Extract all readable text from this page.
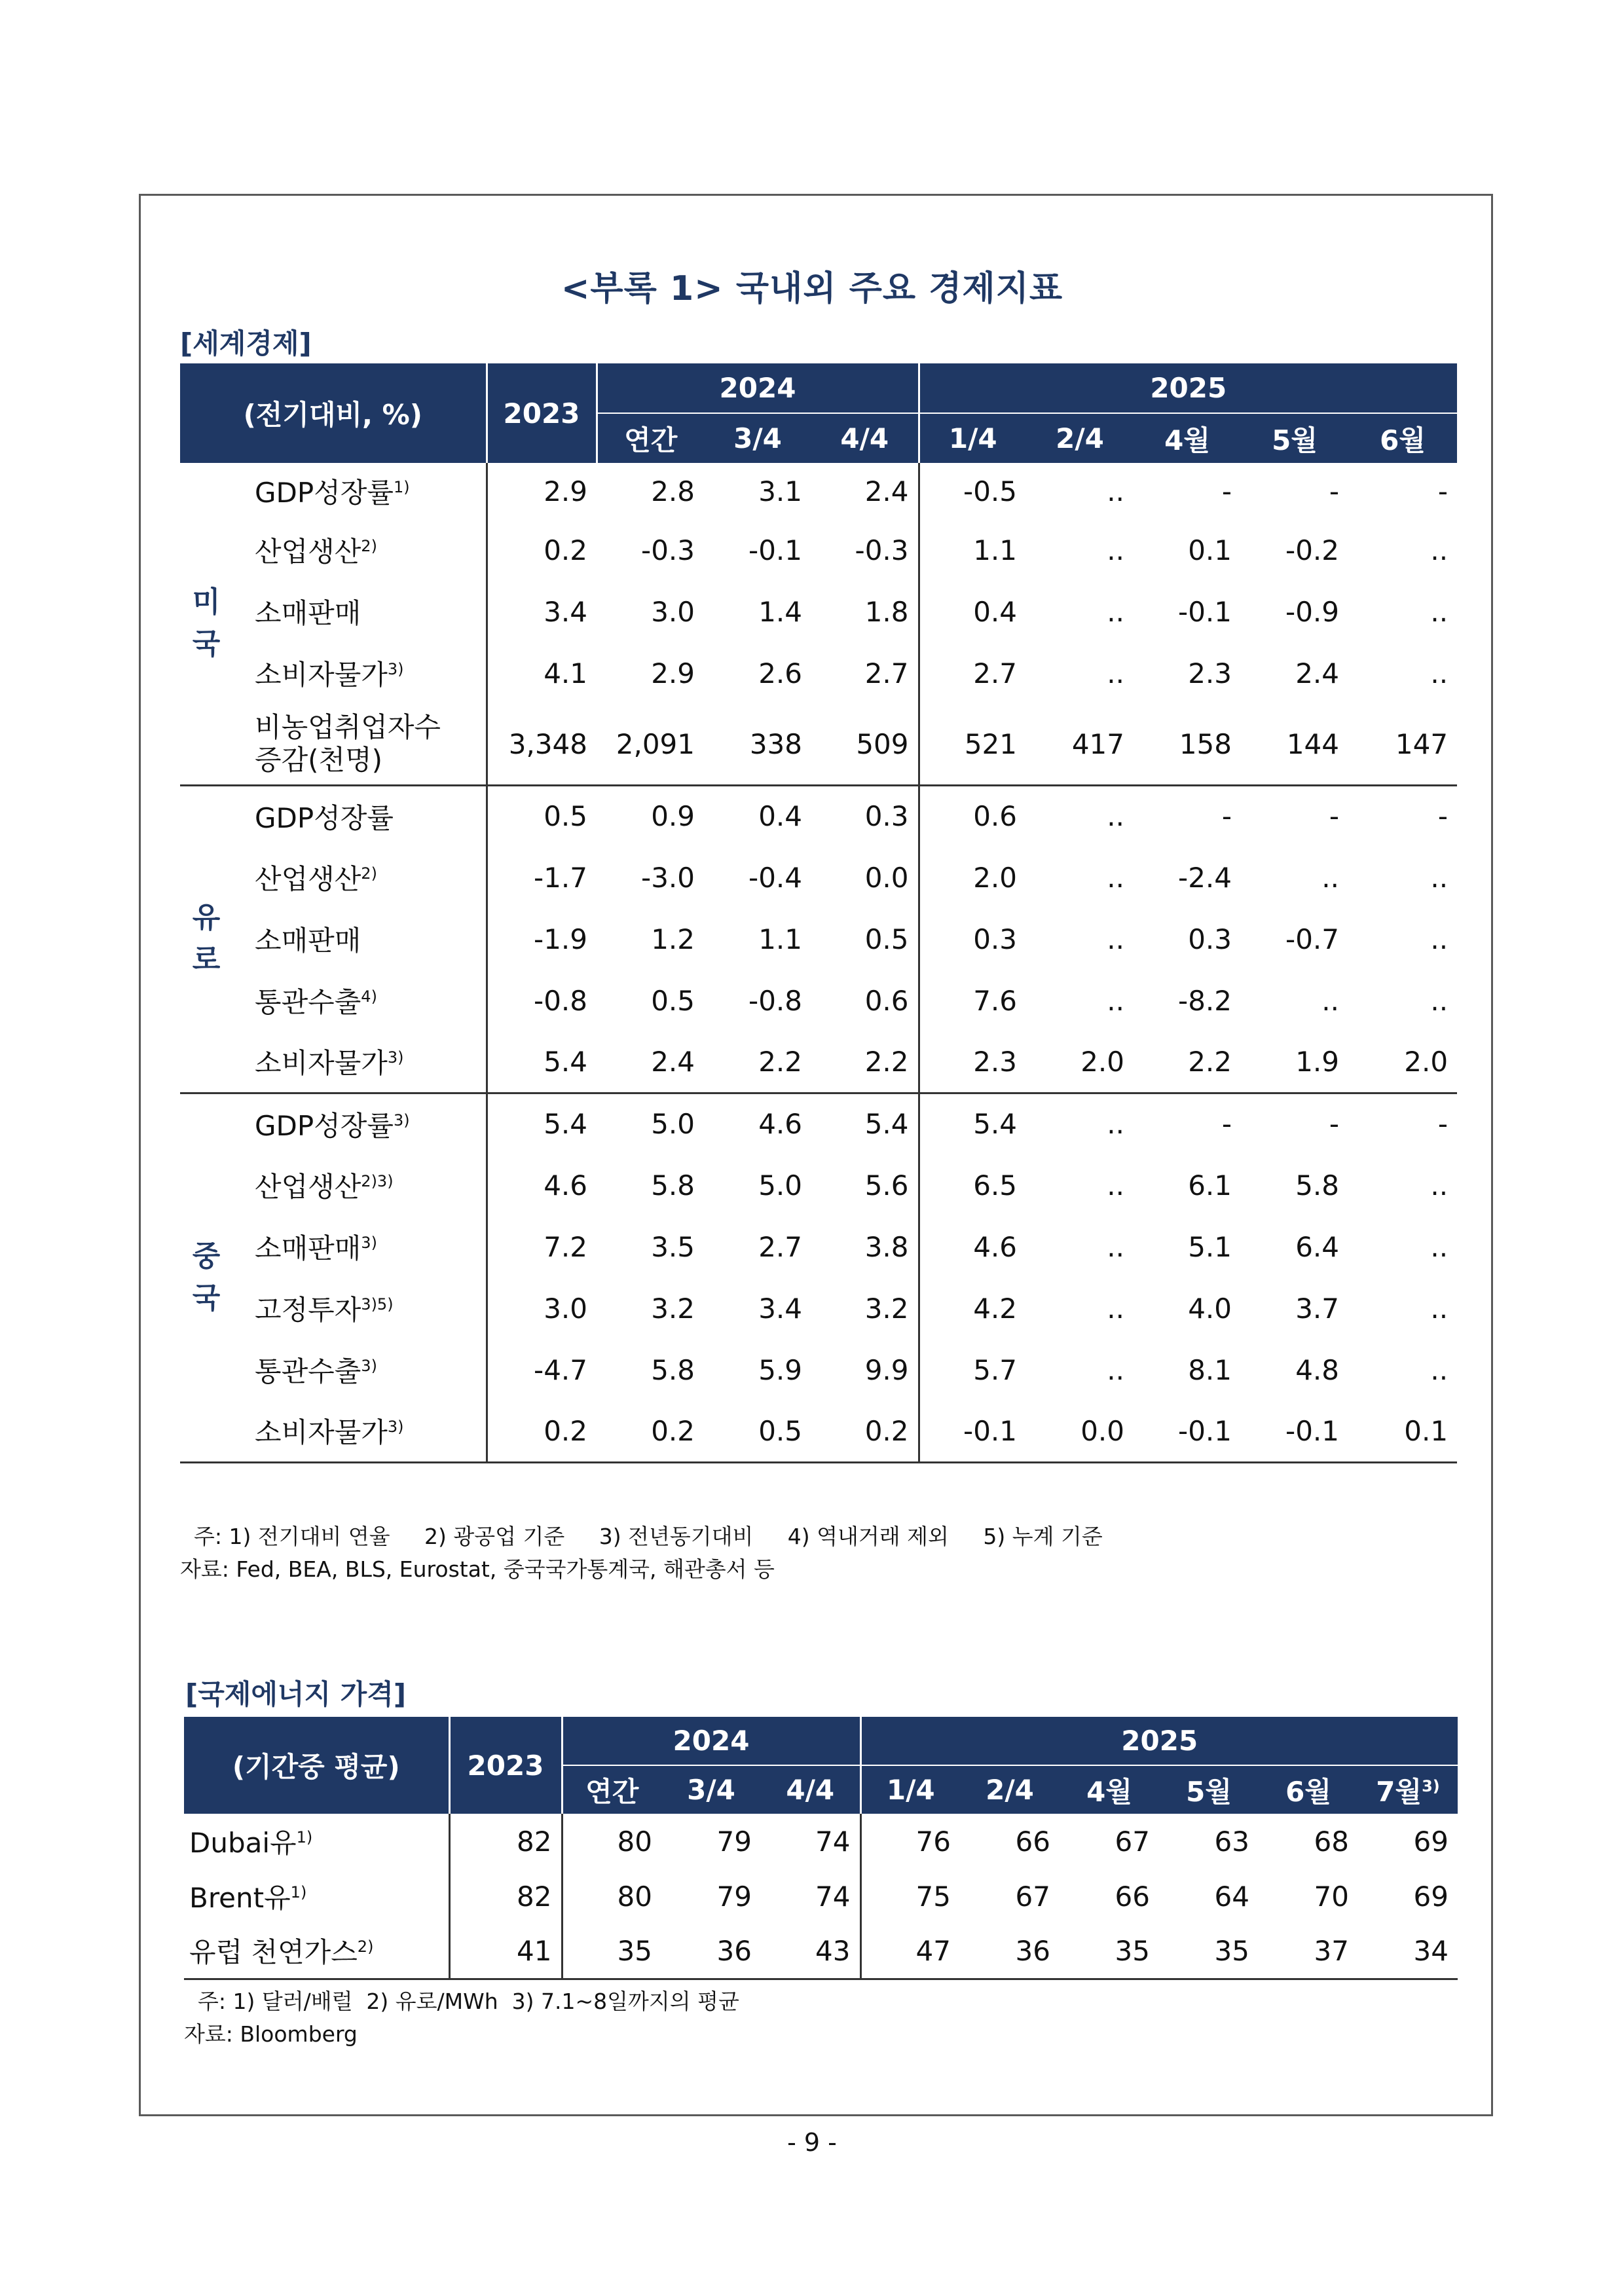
<부록 1> 국내외 주요 경제지표
[세계경제]
(전기대비, %)		2023	2024			2025				
			연간	3/4	4/4	1/4	2/4	4월	5월	6월
미
국	GDP성장률$^{1)}$	2.9	2.8	3.1	2.4	-0.5	..	-	-	-
	산업생산$^{2)}$	0.2	-0.3	-0.1	-0.3	1.1	..	0.1	-0.2	..
	소매판매	3.4	3.0	1.4	1.8	0.4	..	-0.1	-0.9	..
	소비자물가$^{3)}$	4.1	2.9	2.6	2.7	2.7	..	2.3	2.4	..
	비농업취업자수
증감(천명)	3,348	2,091	338	509	521	417	158	144	147
유
로	GDP성장률	0.5	0.9	0.4	0.3	0.6	..	-	-	-
	산업생산$^{2)}$	-1.7	-3.0	-0.4	0.0	2.0	..	-2.4	..	..
	소매판매	-1.9	1.2	1.1	0.5	0.3	..	0.3	-0.7	..
	통관수출$^{4)}$	-0.8	0.5	-0.8	0.6	7.6	..	-8.2	..	..
	소비자물가$^{3)}$	5.4	2.4	2.2	2.2	2.3	2.0	2.2	1.9	2.0
중
국	GDP성장률$^{3)}$	5.4	5.0	4.6	5.4	5.4	..	-	-	-
	산업생산$^{2)3)}$	4.6	5.8	5.0	5.6	6.5	..	6.1	5.8	..
	소매판매$^{3)}$	7.2	3.5	2.7	3.8	4.6	..	5.1	6.4	..
	고정투자$^{3)5)}$	3.0	3.2	3.4	3.2	4.2	..	4.0	3.7	..
	통관수출$^{3)}$	-4.7	5.8	5.9	9.9	5.7	..	8.1	4.8	..
	소비자물가$^{3)}$	0.2	0.2	0.5	0.2	-0.1	0.0	-0.1	-0.1	0.1
주: 1) 전기대비 연율     2) 광공업 기준     3) 전년동기대비     4) 역내거래 제외     5) 누계 기준
자료: Fed, BEA, BLS, Eurostat, 중국국가통계국, 해관총서 등
[국제에너지 가격]
(기간중 평균)	2023	2024			2025					
		연간	3/4	4/4	1/4	2/4	4월	5월	6월	7월$^{3)}$
Dubai유$^{1)}$	82	80	79	74	76	66	67	63	68	69
Brent유$^{1)}$	82	80	79	74	75	67	66	64	70	69
유럽 천연가스$^{2)}$	41	35	36	43	47	36	35	35	37	34
주: 1) 달러/배럴  2) 유로/MWh  3) 7.1~8일까지의 평균
자료: Bloomberg
- 9 -
